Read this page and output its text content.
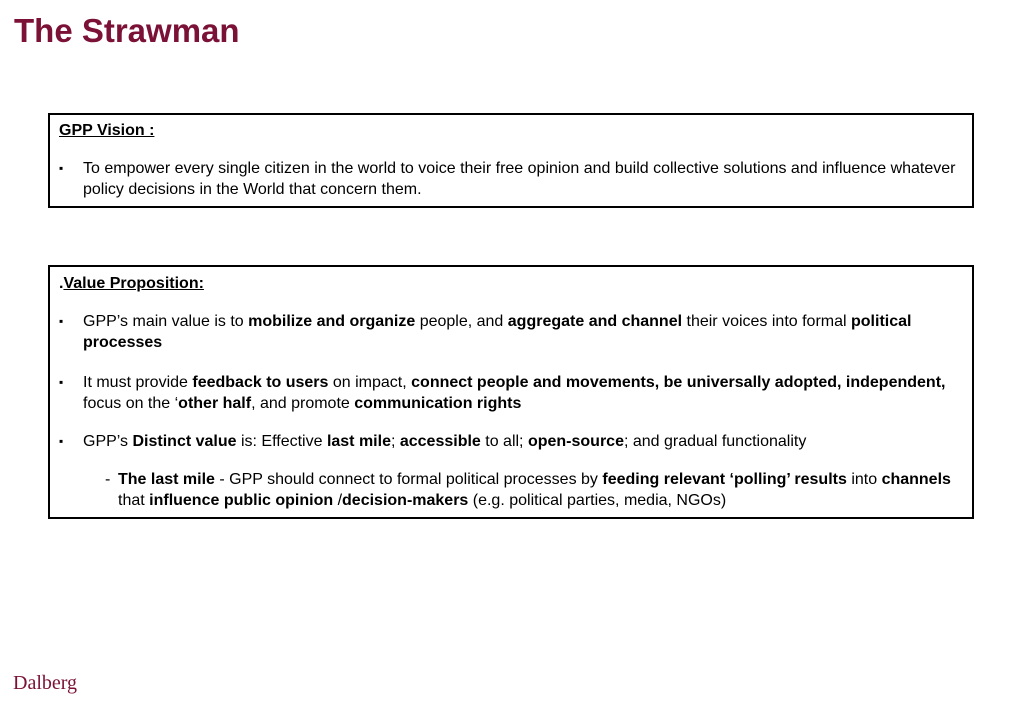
The Strawman
GPP Vision :
▪	To empower every single citizen in the world to voice their free opinion and build collective solutions and influence whatever policy decisions in the World that concern them.
.Value Proposition:
▪	GPP’s main value is to mobilize and organize people, and aggregate and channel their voices into formal political processes
▪	It must provide feedback to users on impact, connect people and movements, be universally adopted, independent, focus on the ‘other half, and promote communication rights
▪	GPP’s Distinct value is: Effective last mile; accessible to all; open-source; and gradual functionality
- The last mile - GPP should connect to formal political processes by feeding relevant ‘polling’ results into channels that influence public opinion /decision-makers (e.g. political parties, media, NGOs)
Dalberg
